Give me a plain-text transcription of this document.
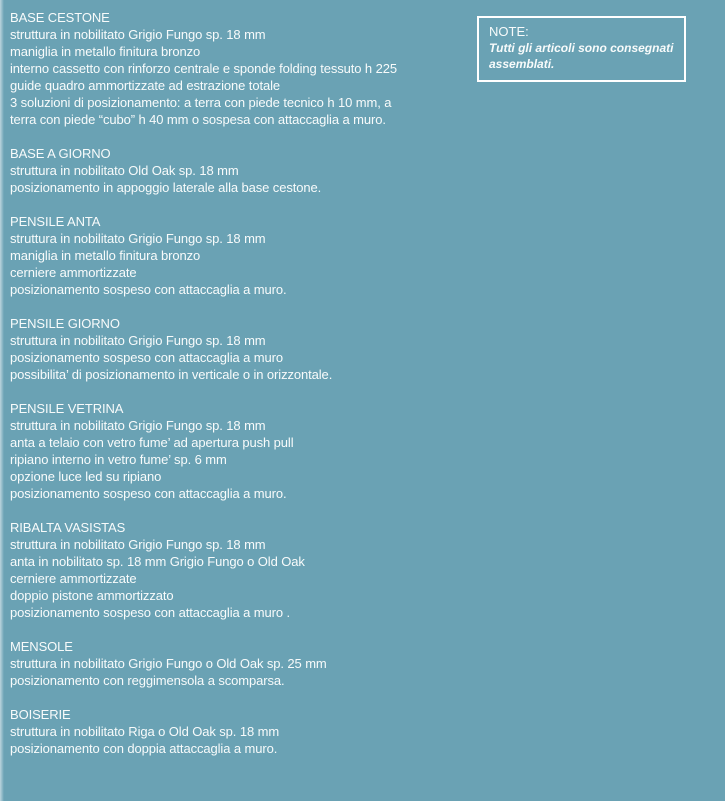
NOTE:
Tutti gli articoli sono consegnati
assemblati.
BASE CESTONE
struttura in nobilitato Grigio Fungo sp. 18 mm
maniglia in metallo finitura bronzo
interno cassetto con rinforzo centrale e sponde folding tessuto h 225
guide quadro ammortizzate ad estrazione totale
3 soluzioni di posizionamento: a terra con piede tecnico h 10 mm, a
terra con piede “cubo” h 40 mm o sospesa con attaccaglia a muro.
BASE A GIORNO
struttura in nobilitato Old Oak sp. 18 mm
posizionamento in appoggio laterale alla base cestone.
PENSILE ANTA
struttura in nobilitato Grigio Fungo sp. 18 mm
maniglia in metallo finitura bronzo
cerniere ammortizzate
posizionamento sospeso con attaccaglia a muro.
PENSILE GIORNO
struttura in nobilitato Grigio Fungo sp. 18 mm
posizionamento sospeso con attaccaglia a muro
possibilita’ di posizionamento in verticale o in orizzontale.
PENSILE VETRINA
struttura in nobilitato Grigio Fungo sp. 18 mm
anta a telaio con vetro fume’ ad apertura push pull
ripiano interno in vetro fume’ sp. 6 mm
opzione luce led su ripiano
posizionamento sospeso con attaccaglia a muro.
RIBALTA VASISTAS
struttura in nobilitato Grigio Fungo sp. 18 mm
anta in nobilitato sp. 18 mm Grigio Fungo o Old Oak
cerniere ammortizzate
doppio pistone ammortizzato
posizionamento sospeso con attaccaglia a muro .
MENSOLE
struttura in nobilitato Grigio Fungo o Old Oak sp. 25 mm
posizionamento con reggimensola a scomparsa.
BOISERIE
struttura in nobilitato Riga o Old Oak sp. 18 mm
posizionamento con doppia attaccaglia a muro.
